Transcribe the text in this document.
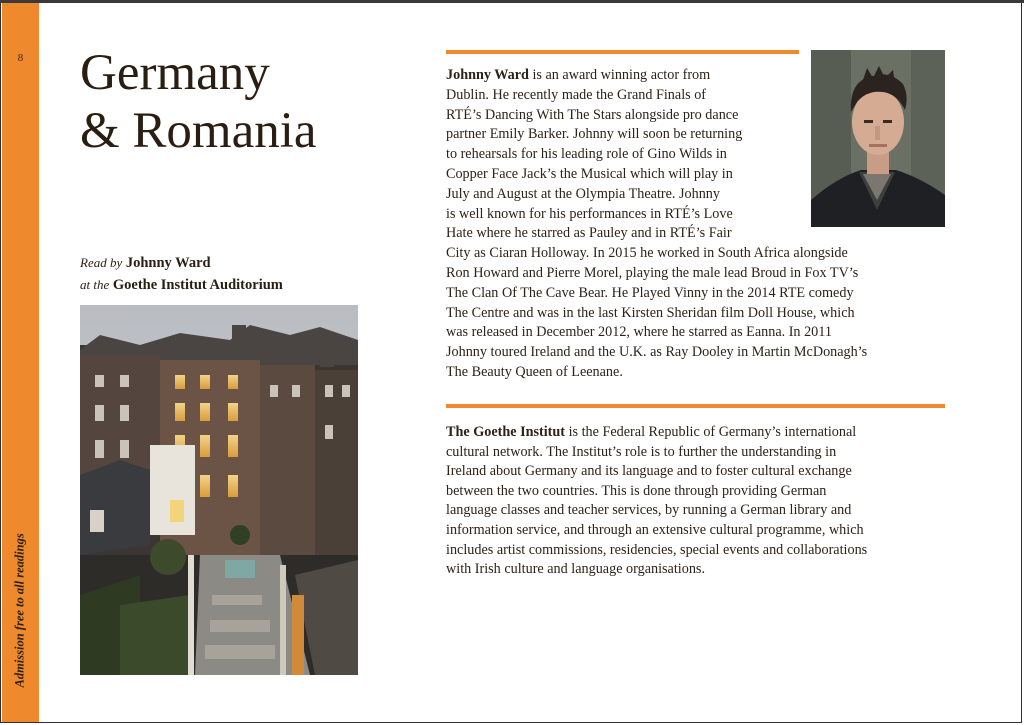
8
Admission free to all readings
Germany
& Romania
Read by Johnny Ward
at the Goethe Institut Auditorium
Johnny Ward is an award winning actor from
Dublin. He recently made the Grand Finals of
RTÉ’s Dancing With The Stars alongside pro dance
partner Emily Barker. Johnny will soon be returning
to rehearsals for his leading role of Gino Wilds in
Copper Face Jack’s the Musical which will play in
July and August at the Olympia Theatre. Johnny
is well known for his performances in RTÉ’s Love
Hate where he starred as Pauley and in RTÉ’s Fair
City as Ciaran Holloway. In 2015 he worked in South Africa alongside
Ron Howard and Pierre Morel, playing the male lead Broud in Fox TV’s
The Clan Of The Cave Bear. He Played Vinny in the 2014 RTE comedy
The Centre and was in the last Kirsten Sheridan film Doll House, which
was released in December 2012, where he starred as Eanna. In 2011
Johnny toured Ireland and the U.K. as Ray Dooley in Martin McDonagh’s
The Beauty Queen of Leenane.
The Goethe Institut is the Federal Republic of Germany’s international
cultural network. The Institut’s role is to further the understanding in
Ireland about Germany and its language and to foster cultural exchange
between the two countries. This is done through providing German
language classes and teacher services, by running a German library and
information service, and through an extensive cultural programme, which
includes artist commissions, residencies, special events and collaborations
with Irish culture and language organisations.
